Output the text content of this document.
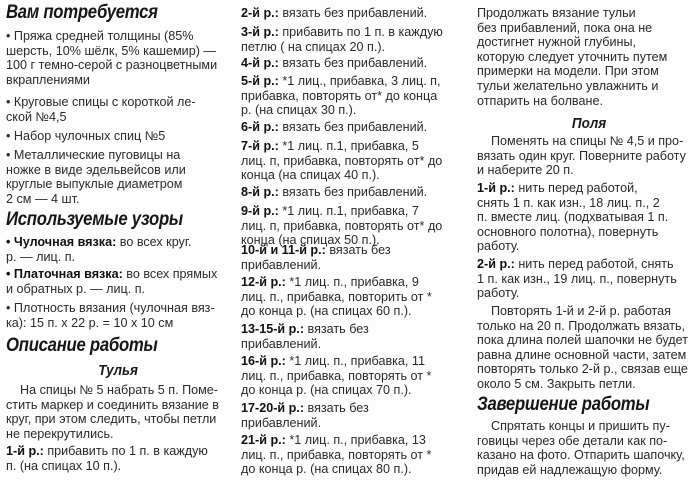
Вам потребуется
• Пряжа средней толщины (85%
шерсть, 10% шёлк, 5% кашемир) —
100 г темно-серой с разноцветными
вкраплениями
• Круговые спицы с короткой ле-
ской №4,5
• Набор чулочных спиц №5
• Металлические пуговицы на
ножке в виде эдельвейсов или
круглые выпуклые диаметром
2 см — 4 шт.
Используемые узоры
• Чулочная вязка: во всех круг.
р. — лиц. п.
• Платочная вязка: во всех прямых
и обратных р. — лиц. п.
• Плотность вязания (чулочная вяз-
ка): 15 п. х 22 р. = 10 х 10 см
Описание работы
Тулья
На спицы № 5 набрать 5 п. Поме-
стить маркер и соединить вязание в
круг, при этом следить, чтобы петли
не перекрутились.
1-й р.: прибавить по 1 п. в каждую
п. (на спицах 10 п.).
2-й р.: вязать без прибавлений.
3-й р.: прибавить по 1 п. в каждую
петлю ( на спицах 20 п.).
4-й р.: вязать без прибавлений.
5-й р.: *1 лиц., прибавка, 3 лиц. п,
прибавка, повторять от* до конца
р. (на спицах 30 п.).
6-й р.: вязать без прибавлений.
7-й р.: *1 лиц. п.1, прибавка, 5
лиц. п, прибавка, повторять от* до
конца (на спицах 40 п.).
8-й р.: вязать без прибавлений.
9-й р.: *1 лиц. п.1, прибавка, 7
лиц. п, прибавка, повторять от* до
конца (на спицах 50 п.).
10-й и 11-й р.: вязать без
прибавлений.
12-й р.: *1 лиц. п., прибавка, 9
лиц. п., прибавка, повторить от *
до конца р. (на спицах 60 п.).
13-15-й р.: вязать без
прибавлений.
16-й р.: *1 лиц. п., прибавка, 11
лиц. п., прибавка, повторять от *
до конца р. (на спицах 70 п.).
17-20-й р.: вязать без
прибавлений.
21-й р.: *1 лиц. п., прибавка, 13
лиц. п., прибавка, повторять от *
до конца р. (на спицах 80 п.).
Продолжать вязание тульи
без прибавлений, пока она не
достигнет нужной глубины,
которую следует уточнить путем
примерки на модели. При этом
тульи желательно увлажнить и
отпарить на болване.
Поля
Поменять на спицы № 4,5 и про-
вязать один круг. Поверните работу
и наберите 20 п.
1-й р.: нить перед работой,
снять 1 п. как изн., 18 лиц. п., 2
п. вместе лиц. (подхватывая 1 п.
основного полотна), повернуть
работу.
2-й р.: нить перед работой, снять
1 п. как изн., 19 лиц. п., повернуть
работу.
Повторять 1-й и 2-й р. работая
только на 20 п. Продолжать вязать,
пока длина полей шапочки не будет
равна длине основной части, затем
повторять только 2-й р., связав еще
около 5 см. Закрыть петли.
Завершение работы
Спрятать концы и пришить пу-
говицы через обе детали как по-
казано на фото. Отпарить шапочку,
придав ей надлежащую форму.
